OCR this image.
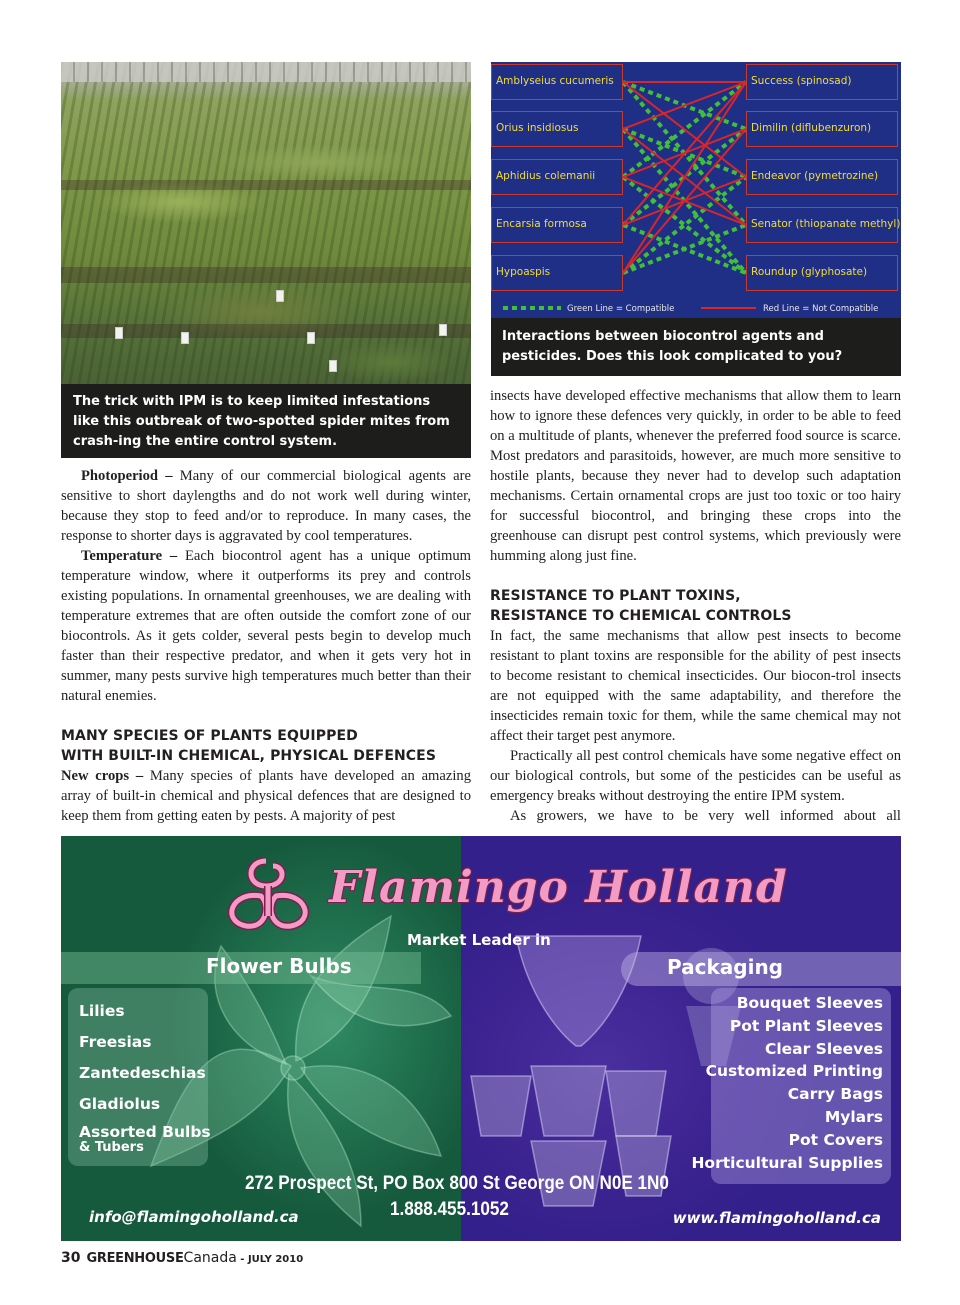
The trick with IPM is to keep limited infestations like this outbreak of two-spotted spider mites from crash-ing the entire control system.
Amblyseius cucumeris
Orius insidiosus
Aphidius colemanii
Encarsia formosa
Hypoaspis
Success (spinosad)
Dimilin (diflubenzuron)
Endeavor (pymetrozine)
Senator (thiopanate methyl)
Roundup (glyphosate)
Green Line = Compatible	Red Line = Not Compatible
Interactions between biocontrol agents and pesticides. Does this look complicated to you?

Photoperiod – Many of our commercial biological agents are sensitive to short daylengths and do not work well during winter, because they stop to feed and/or to reproduce. In many cases, the response to shorter days is aggravated by cool temperatures.

Temperature – Each biocontrol agent has a unique optimum temperature window, where it outperforms its prey and controls existing populations. In ornamental greenhouses, we are dealing with temperature extremes that are often outside the comfort zone of our biocontrols. As it gets colder, several pests begin to develop much faster than their respective predator, and when it gets very hot in summer, many pests survive high temperatures much better than their natural enemies.

MANY SPECIES OF PLANTS EQUIPPED
WITH BUILT-IN CHEMICAL, PHYSICAL DEFENCES

New crops – Many species of plants have developed an amazing array of built-in chemical and physical defences that are designed to keep them from getting eaten by pests. A majority of pest

insects have developed effective mechanisms that allow them to learn how to ignore these defences very quickly, in order to be able to feed on a multitude of plants, whenever the preferred food source is scarce. Most predators and parasitoids, however, are much more sensitive to hostile plants, because they never had to develop such adaptation mechanisms. Certain ornamental crops are just too toxic or too hairy for successful biocontrol, and bringing these crops into the greenhouse can disrupt pest control systems, which previously were humming along just fine.

RESISTANCE TO PLANT TOXINS,
RESISTANCE TO CHEMICAL CONTROLS

In fact, the same mechanisms that allow pest insects to become resistant to plant toxins are responsible for the ability of pest insects to become resistant to chemical insecticides. Our biocon-trol insects are not equipped with the same adaptability, and therefore the insecticides remain toxic for them, while the same chemical may not affect their target pest anymore.

Practically all pest control chemicals have some negative effect on our biological controls, but some of the pesticides can be useful as emergency breaks without destroying the entire IPM system.

As growers, we have to be very well informed about all

Flamingo Holland
Market Leader in
Flower Bulbs	Packaging
Lilies
Freesias
Zantedeschias
Gladiolus
Assorted Bulbs
& Tubers
Bouquet Sleeves
Pot Plant Sleeves
Clear Sleeves
Customized Printing
Carry Bags
Mylars
Pot Covers
Horticultural Supplies
272 Prospect St, PO Box 800 St George ON N0E 1N0
1.888.455.1052
info@flamingoholland.ca	www.flamingoholland.ca
30 GREENHOUSECanada - JULY 2010
